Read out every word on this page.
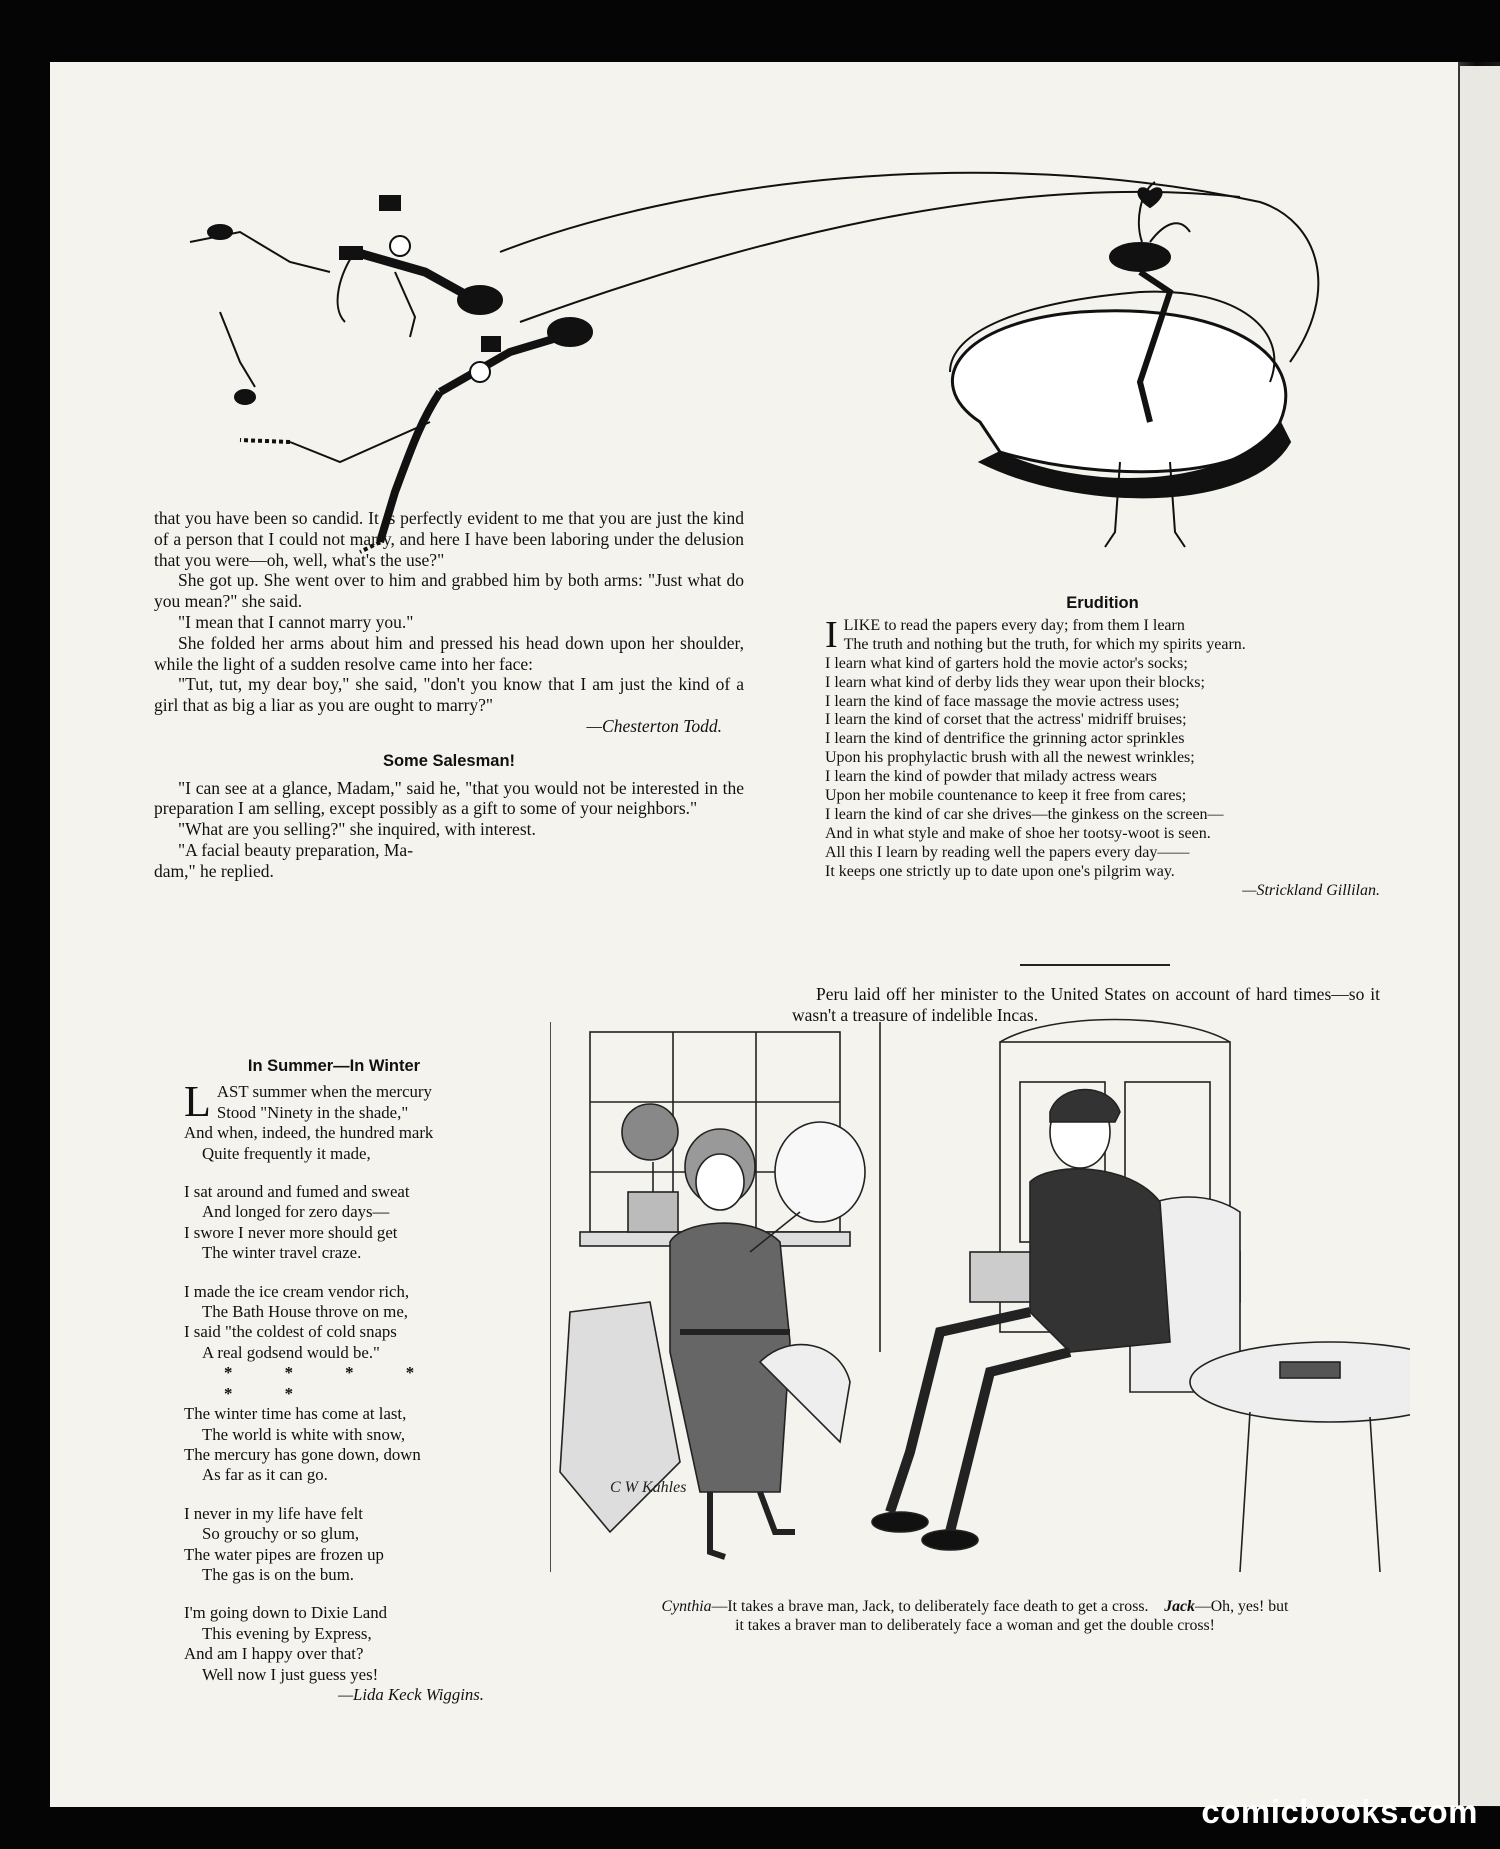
that you have been so candid. It is perfectly evident to me that you are just the kind of a person that I could not marry, and here I have been laboring under the delusion that you were—oh, well, what's the use?"

She got up. She went over to him and grabbed him by both arms: "Just what do you mean?" she said.

"I mean that I cannot marry you."

She folded her arms about him and pressed his head down upon her shoulder, while the light of a sudden resolve came into her face:

"Tut, tut, my dear boy," she said, "don't you know that I am just the kind of a girl that as big a liar as you are ought to marry?"

—Chesterton Todd.
Some Salesman!

"I can see at a glance, Madam," said he, "that you would not be interested in the preparation I am selling, except possibly as a gift to some of your neighbors."

"What are you selling?" she inquired, with interest.

"A facial beauty preparation, Ma-

dam," he replied.

In Summer—In Winter
L AST summer when the mercury
Stood "Ninety in the shade,"
And when, indeed, the hundred mark
Quite frequently it made,
I sat around and fumed and sweat
And longed for zero days—
I swore I never more should get
The winter travel craze.
I made the ice cream vendor rich,
The Bath House throve on me,
I said "the coldest of cold snaps
A real godsend would be."
* * * * * *
The winter time has come at last,
The world is white with snow,
The mercury has gone down, down
As far as it can go.
I never in my life have felt
So grouchy or so glum,
The water pipes are frozen up
The gas is on the bum.
I'm going down to Dixie Land
This evening by Express,
And am I happy over that?
Well now I just guess yes!
—Lida Keck Wiggins.
Erudition
I LIKE to read the papers every day; from them I learn
The truth and nothing but the truth, for which my spirits yearn.
I learn what kind of garters hold the movie actor's socks;
I learn what kind of derby lids they wear upon their blocks;
I learn the kind of face massage the movie actress uses;
I learn the kind of corset that the actress' midriff bruises;
I learn the kind of dentrifice the grinning actor sprinkles
Upon his prophylactic brush with all the newest wrinkles;
I learn the kind of powder that milady actress wears
Upon her mobile countenance to keep it free from cares;
I learn the kind of car she drives—the ginkess on the screen—
And in what style and make of shoe her tootsy-woot is seen.
All this I learn by reading well the papers every day——
It keeps one strictly up to date upon one's pilgrim way.
—Strickland Gillilan.

Peru laid off her minister to the United States on account of hard times—so it wasn't a treasure of indelible Incas.

C W Kahles
Cynthia—It takes a brave man, Jack, to deliberately face death to get a cross. Jack—Oh, yes! but
it takes a braver man to deliberately face a woman and get the double cross!
comicbooks.com
